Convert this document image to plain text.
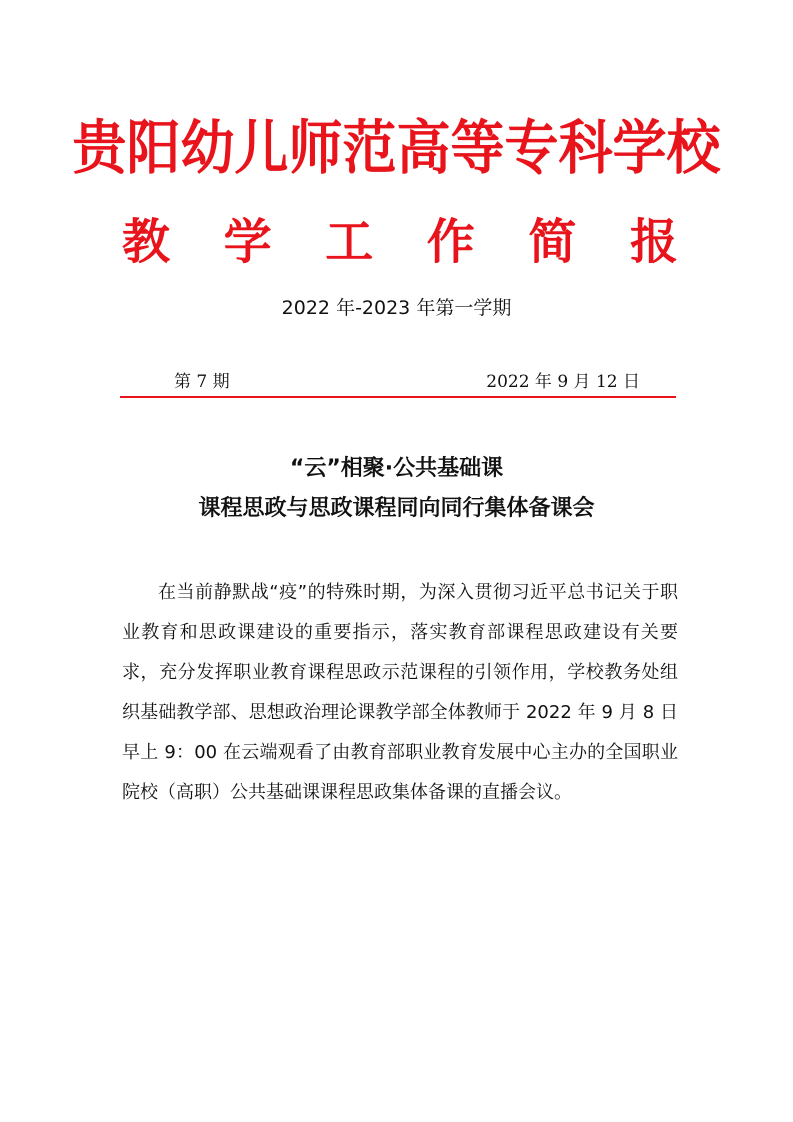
贵阳幼儿师范高等专科学校
教 学 工 作 简 报
2022 年-2023 年第一学期
第 7 期	2022 年 9 月 12 日
“云”相聚·公共基础课
课程思政与思政课程同向同行集体备课会

在当前静默战“疫”的特殊时期，为深入贯彻习近平总书记关于职业教育和思政课建设的重要指示，落实教育部课程思政建设有关要求，充分发挥职业教育课程思政示范课程的引领作用，学校教务处组织基础教学部、思想政治理论课教学部全体教师于 2022 年 9 月 8 日早上 9：00 在云端观看了由教育部职业教育发展中心主办的全国职业院校（高职）公共基础课课程思政集体备课的直播会议。
